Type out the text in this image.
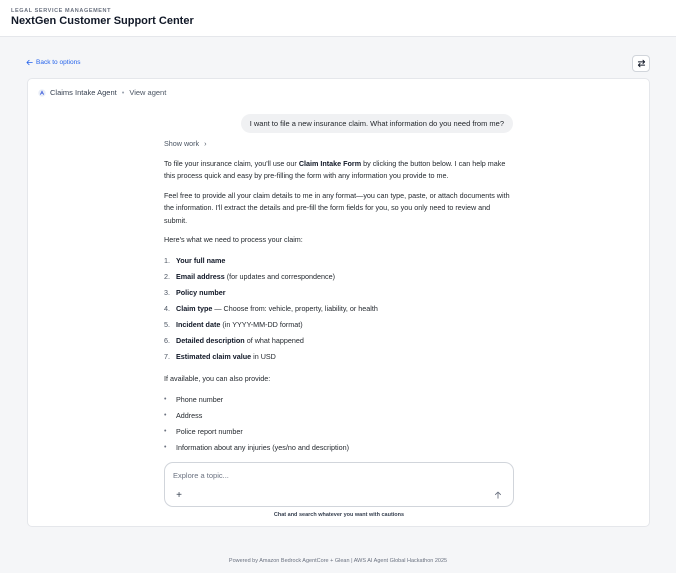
LEGAL SERVICE MANAGEMENT
NextGen Customer Support Center
Back to options
Claims Intake Agent • View agent
I want to file a new insurance claim. What information do you need from me?
Show work ›

To file your insurance claim, you'll use our Claim Intake Form by clicking the button below. I can help make this process quick and easy by pre-filling the form with any information you provide to me.

Feel free to provide all your claim details to me in any format—you can type, paste, or attach documents with the information. I'll extract the details and pre-fill the form fields for you, so you only need to review and submit.

Here's what we need to process your claim:

1. Your full name
2. Email address (for updates and correspondence)
3. Policy number
4. Claim type — Choose from: vehicle, property, liability, or health
5. Incident date (in YYYY-MM-DD format)
6. Detailed description of what happened
7. Estimated claim value in USD

If available, you can also provide:

•	Phone number
•	Address
•	Police report number
•	Information about any injuries (yes/no and description)
Explore a topic...
+
Chat and search whatever you want with cautions
Powered by Amazon Bedrock AgentCore + Glean | AWS AI Agent Global Hackathon 2025
